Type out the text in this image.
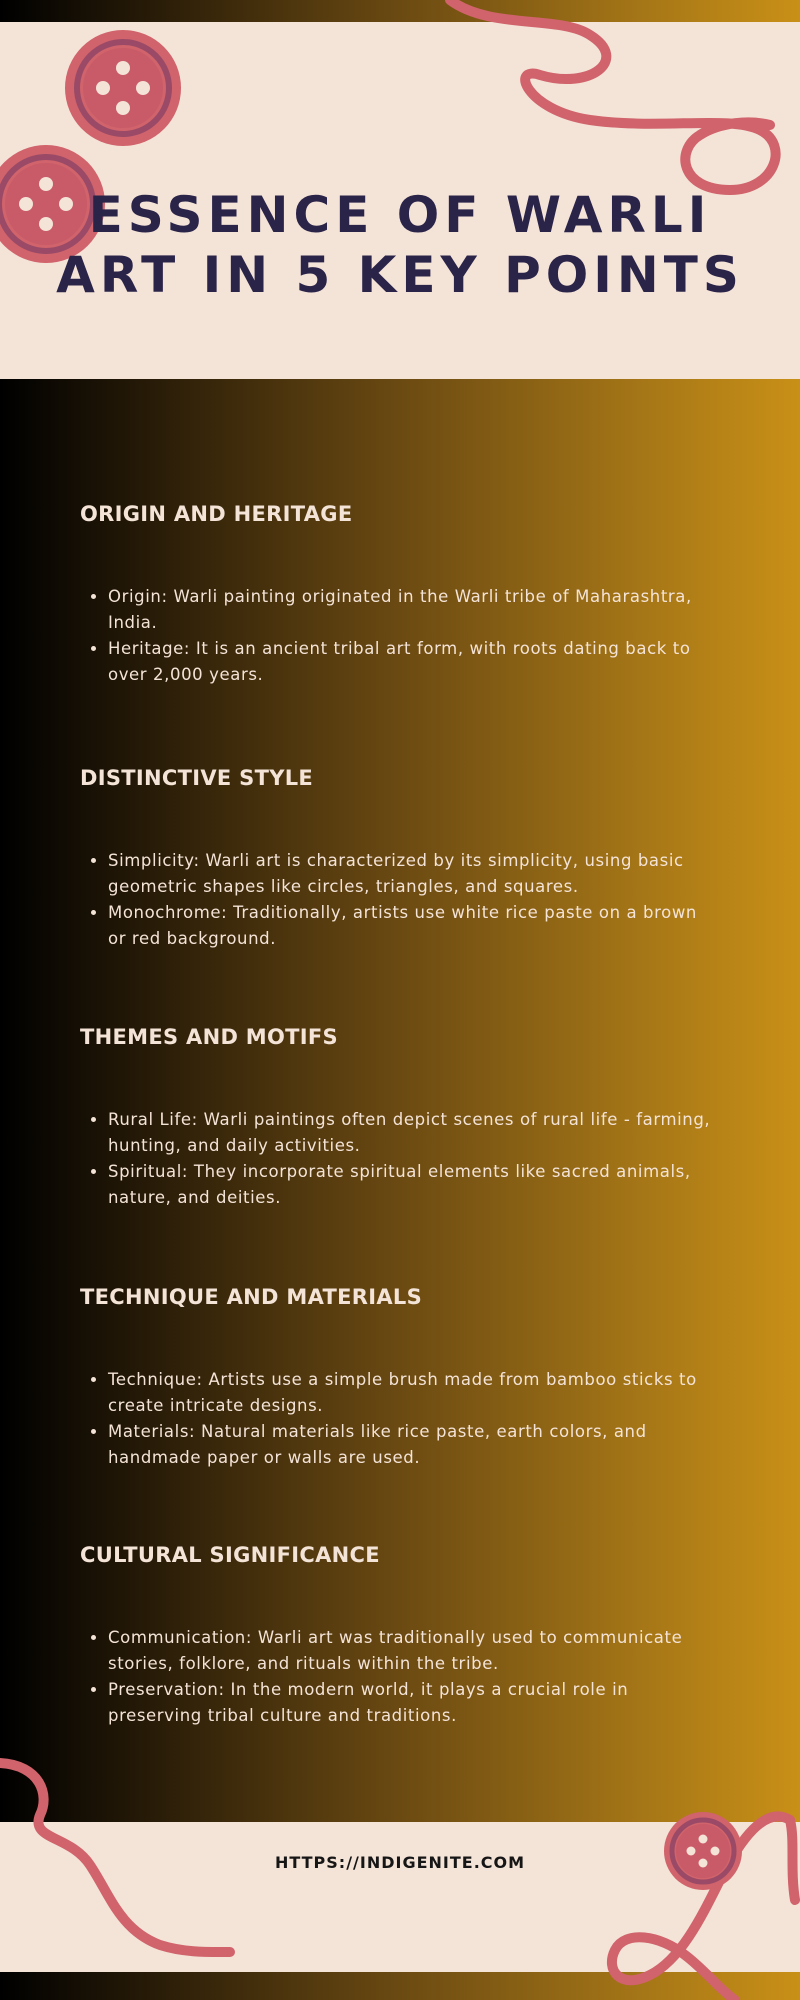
ESSENCE OF WARLI
ART IN 5 KEY POINTS
ORIGIN AND HERITAGE
• Origin: Warli painting originated in the Warli tribe of Maharashtra, India.
• Heritage: It is an ancient tribal art form, with roots dating back to over 2,000 years.
DISTINCTIVE STYLE
• Simplicity: Warli art is characterized by its simplicity, using basic geometric shapes like circles, triangles, and squares.
• Monochrome: Traditionally, artists use white rice paste on a brown or red background.
THEMES AND MOTIFS
• Rural Life: Warli paintings often depict scenes of rural life - farming, hunting, and daily activities.
• Spiritual: They incorporate spiritual elements like sacred animals, nature, and deities.
TECHNIQUE AND MATERIALS
• Technique: Artists use a simple brush made from bamboo sticks to create intricate designs.
• Materials: Natural materials like rice paste, earth colors, and handmade paper or walls are used.
CULTURAL SIGNIFICANCE
• Communication: Warli art was traditionally used to communicate stories, folklore, and rituals within the tribe.
• Preservation: In the modern world, it plays a crucial role in preserving tribal culture and traditions.
HTTPS://INDIGENITE.COM
